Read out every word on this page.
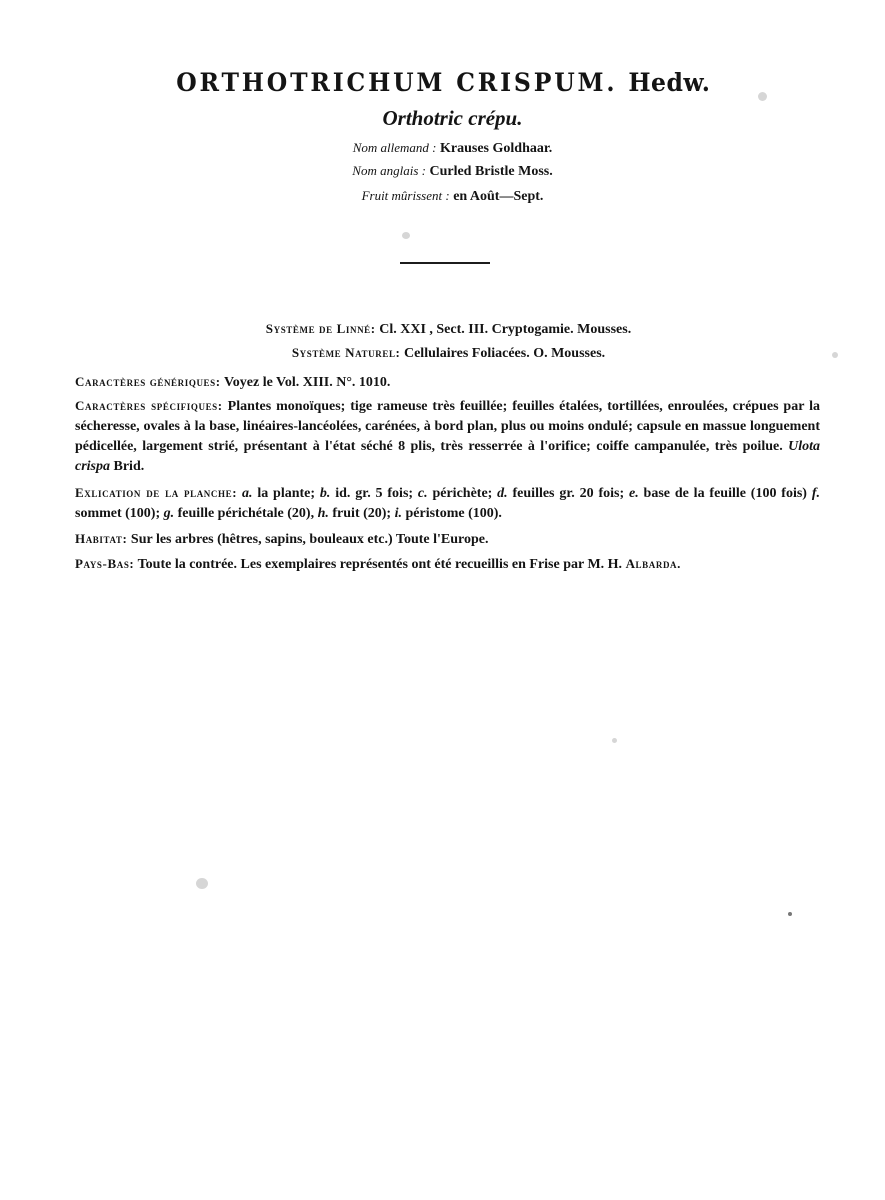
ORTHOTRICHUM CRISPUM. Hedw.
Orthotric crépu.
Nom allemand : Krauses Goldhaar.
Nom anglais : Curled Bristle Moss.
Fruit mûrissent : en Août—Sept.
Système de Linné: Cl. XXI , Sect. III. Cryptogamie. Mousses.
Système Naturel: Cellulaires Foliacées. O. Mousses.
Caractères génériques: Voyez le Vol. XIII. N°. 1010.
Caractères spécifiques: Plantes monoïques; tige rameuse très feuillée; feuilles étalées, tortillées, enroulées, crépues par la sécheresse, ovales à la base, linéaires-lancéolées, carénées, à bord plan, plus ou moins ondulé; capsule en massue longuement pédicellée, largement strié, présentant à l'état séché 8 plis, très resserrée à l'orifice; coiffe campanulée, très poilue. Ulota crispa Brid.
Exlication de la planche: a. la plante; b. id. gr. 5 fois; c. périchète; d. feuilles gr. 20 fois; e. base de la feuille (100 fois) f. sommet (100); g. feuille périchétale (20), h. fruit (20); i. péristome (100).
Habitat: Sur les arbres (hêtres, sapins, bouleaux etc.) Toute l'Europe.
Pays-Bas: Toute la contrée. Les exemplaires représentés ont été recueillis en Frise par M. H. Albarda.
